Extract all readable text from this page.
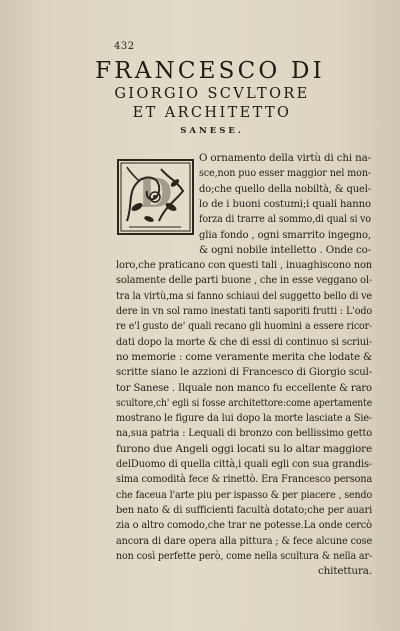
432
FRANCESCO DI
GIORGIO SCVLTORE
ET ARCHITETTO
SANESE.
D
O ornamento della virtù di chi na-
sce,non puo esser maggior nel mon-
do;che quello della nobiltà, & quel-
lo de i buoni costumi;i quali hanno
forza di trarre al sommo,di qual si vo
glia fondo , ogni smarrito ingegno,
& ogni nobile intelletto . Onde co-
loro,che praticano con questi tali , inuaghiscono non
solamente delle parti buone , che in esse veggano ol-
tra la virtù,ma si fanno schiaui del suggetto bello di ve
dere in vn sol ramo inestati tanti saporiti frutti : L'odo
re e'l gusto de' quali recano gli huomini a essere ricor-
dati dopo la morte & che di essi di continuo si scriui-
no memorie : come veramente merita che lodate &
scritte siano le azzioni di Francesco di Giorgio scul-
tor Sanese . Ilquale non manco fu eccellente & raro
scultore,ch' egli si fosse architettore:come apertamente
mostrano le figure da lui dopo la morte lasciate a Sie-
na,sua patria : Lequali di bronzo con bellissimo getto
furono due Angeli oggi locati su lo altar maggiore
delDuomo di quella città,i quali egli con sua grandis-
sima comodità fece & rinettò. Era Francesco persona
che faceua l'arte piu per ispasso & per piacere , sendo
ben nato & di sufficienti facultà dotato;che per auari
zia o altro comodo,che trar ne potesse.La onde cercò
ancora di dare opera alla pittura ; & fece alcune cose
non così perfette però, come nella scultura & nella ar-
chitettura.
